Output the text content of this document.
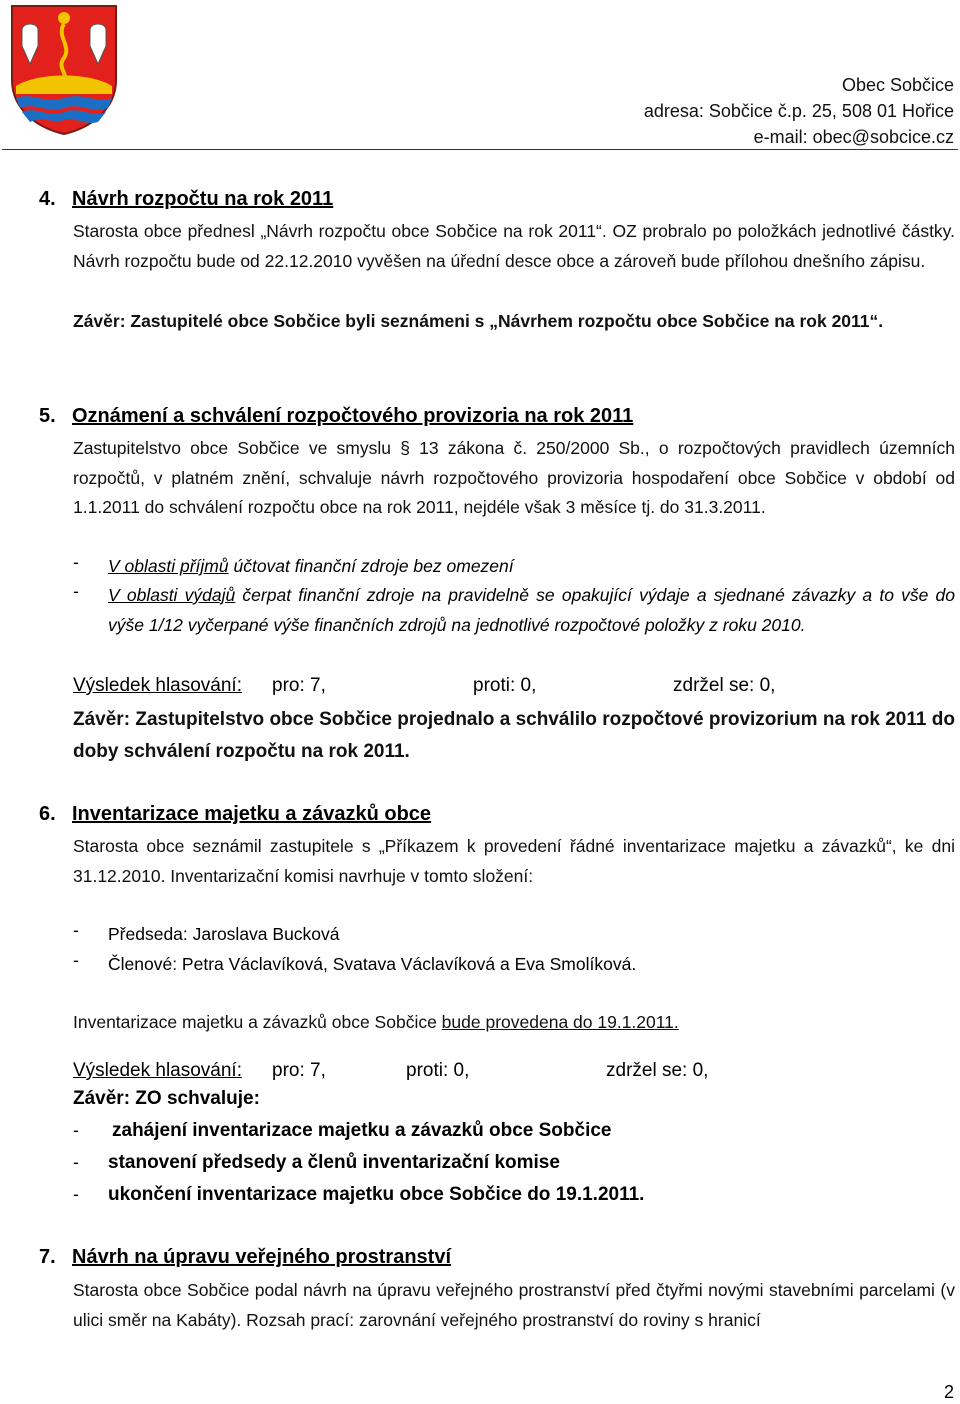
Obec Sobčice
adresa: Sobčice č.p. 25, 508 01 Hořice
e-mail: obec@sobcice.cz
4. Návrh rozpočtu na rok 2011
Starosta obce přednesl „Návrh rozpočtu obce Sobčice na rok 2011“. OZ probralo po položkách jednotlivé částky. Návrh rozpočtu bude od 22.12.2010 vyvěšen na úřední desce obce a zároveň bude přílohou dnešního zápisu.
Závěr: Zastupitelé obce Sobčice byli seznámeni s „Návrhem rozpočtu obce Sobčice na rok 2011“.
5. Oznámení a schválení rozpočtového provizoria na rok 2011
Zastupitelstvo obce Sobčice ve smyslu § 13 zákona č. 250/2000 Sb., o rozpočtových pravidlech územních rozpočtů, v platném znění, schvaluje návrh rozpočtového provizoria hospodaření obce Sobčice v období od 1.1.2011 do schválení rozpočtu obce na rok 2011, nejdéle však 3 měsíce tj. do 31.3.2011.
- V oblasti příjmů účtovat finanční zdroje bez omezení
- V oblasti výdajů čerpat finanční zdroje na pravidelně se opakující výdaje a sjednané závazky a to vše do výše 1/12 vyčerpané výše finančních zdrojů na jednotlivé rozpočtové položky z roku 2010.
Výsledek hlasování: pro: 7,	proti: 0,	zdržel se: 0,
Závěr: Zastupitelstvo obce Sobčice projednalo a schválilo rozpočtové provizorium na rok 2011 do doby schválení rozpočtu na rok 2011.
6. Inventarizace majetku a závazků obce
Starosta obce seznámil zastupitele s „Příkazem k provedení řádné inventarizace majetku a závazků“, ke dni 31.12.2010. Inventarizační komisi navrhuje v tomto složení:
- Předseda: Jaroslava Bucková
- Členové: Petra Václavíková, Svatava Václavíková a Eva Smolíková.
Inventarizace majetku a závazků obce Sobčice bude provedena do 19.1.2011.
Výsledek hlasování: pro: 7,	proti: 0,	zdržel se: 0,
Závěr: ZO schvaluje:
- zahájení inventarizace majetku a závazků obce Sobčice
- stanovení předsedy a členů inventarizační komise
- ukončení inventarizace majetku obce Sobčice do 19.1.2011.
7. Návrh na úpravu veřejného prostranství
Starosta obce Sobčice podal návrh na úpravu veřejného prostranství před čtyřmi novými stavebními parcelami (v ulici směr na Kabáty). Rozsah prací: zarovnání veřejného prostranství do roviny s hranicí
2
